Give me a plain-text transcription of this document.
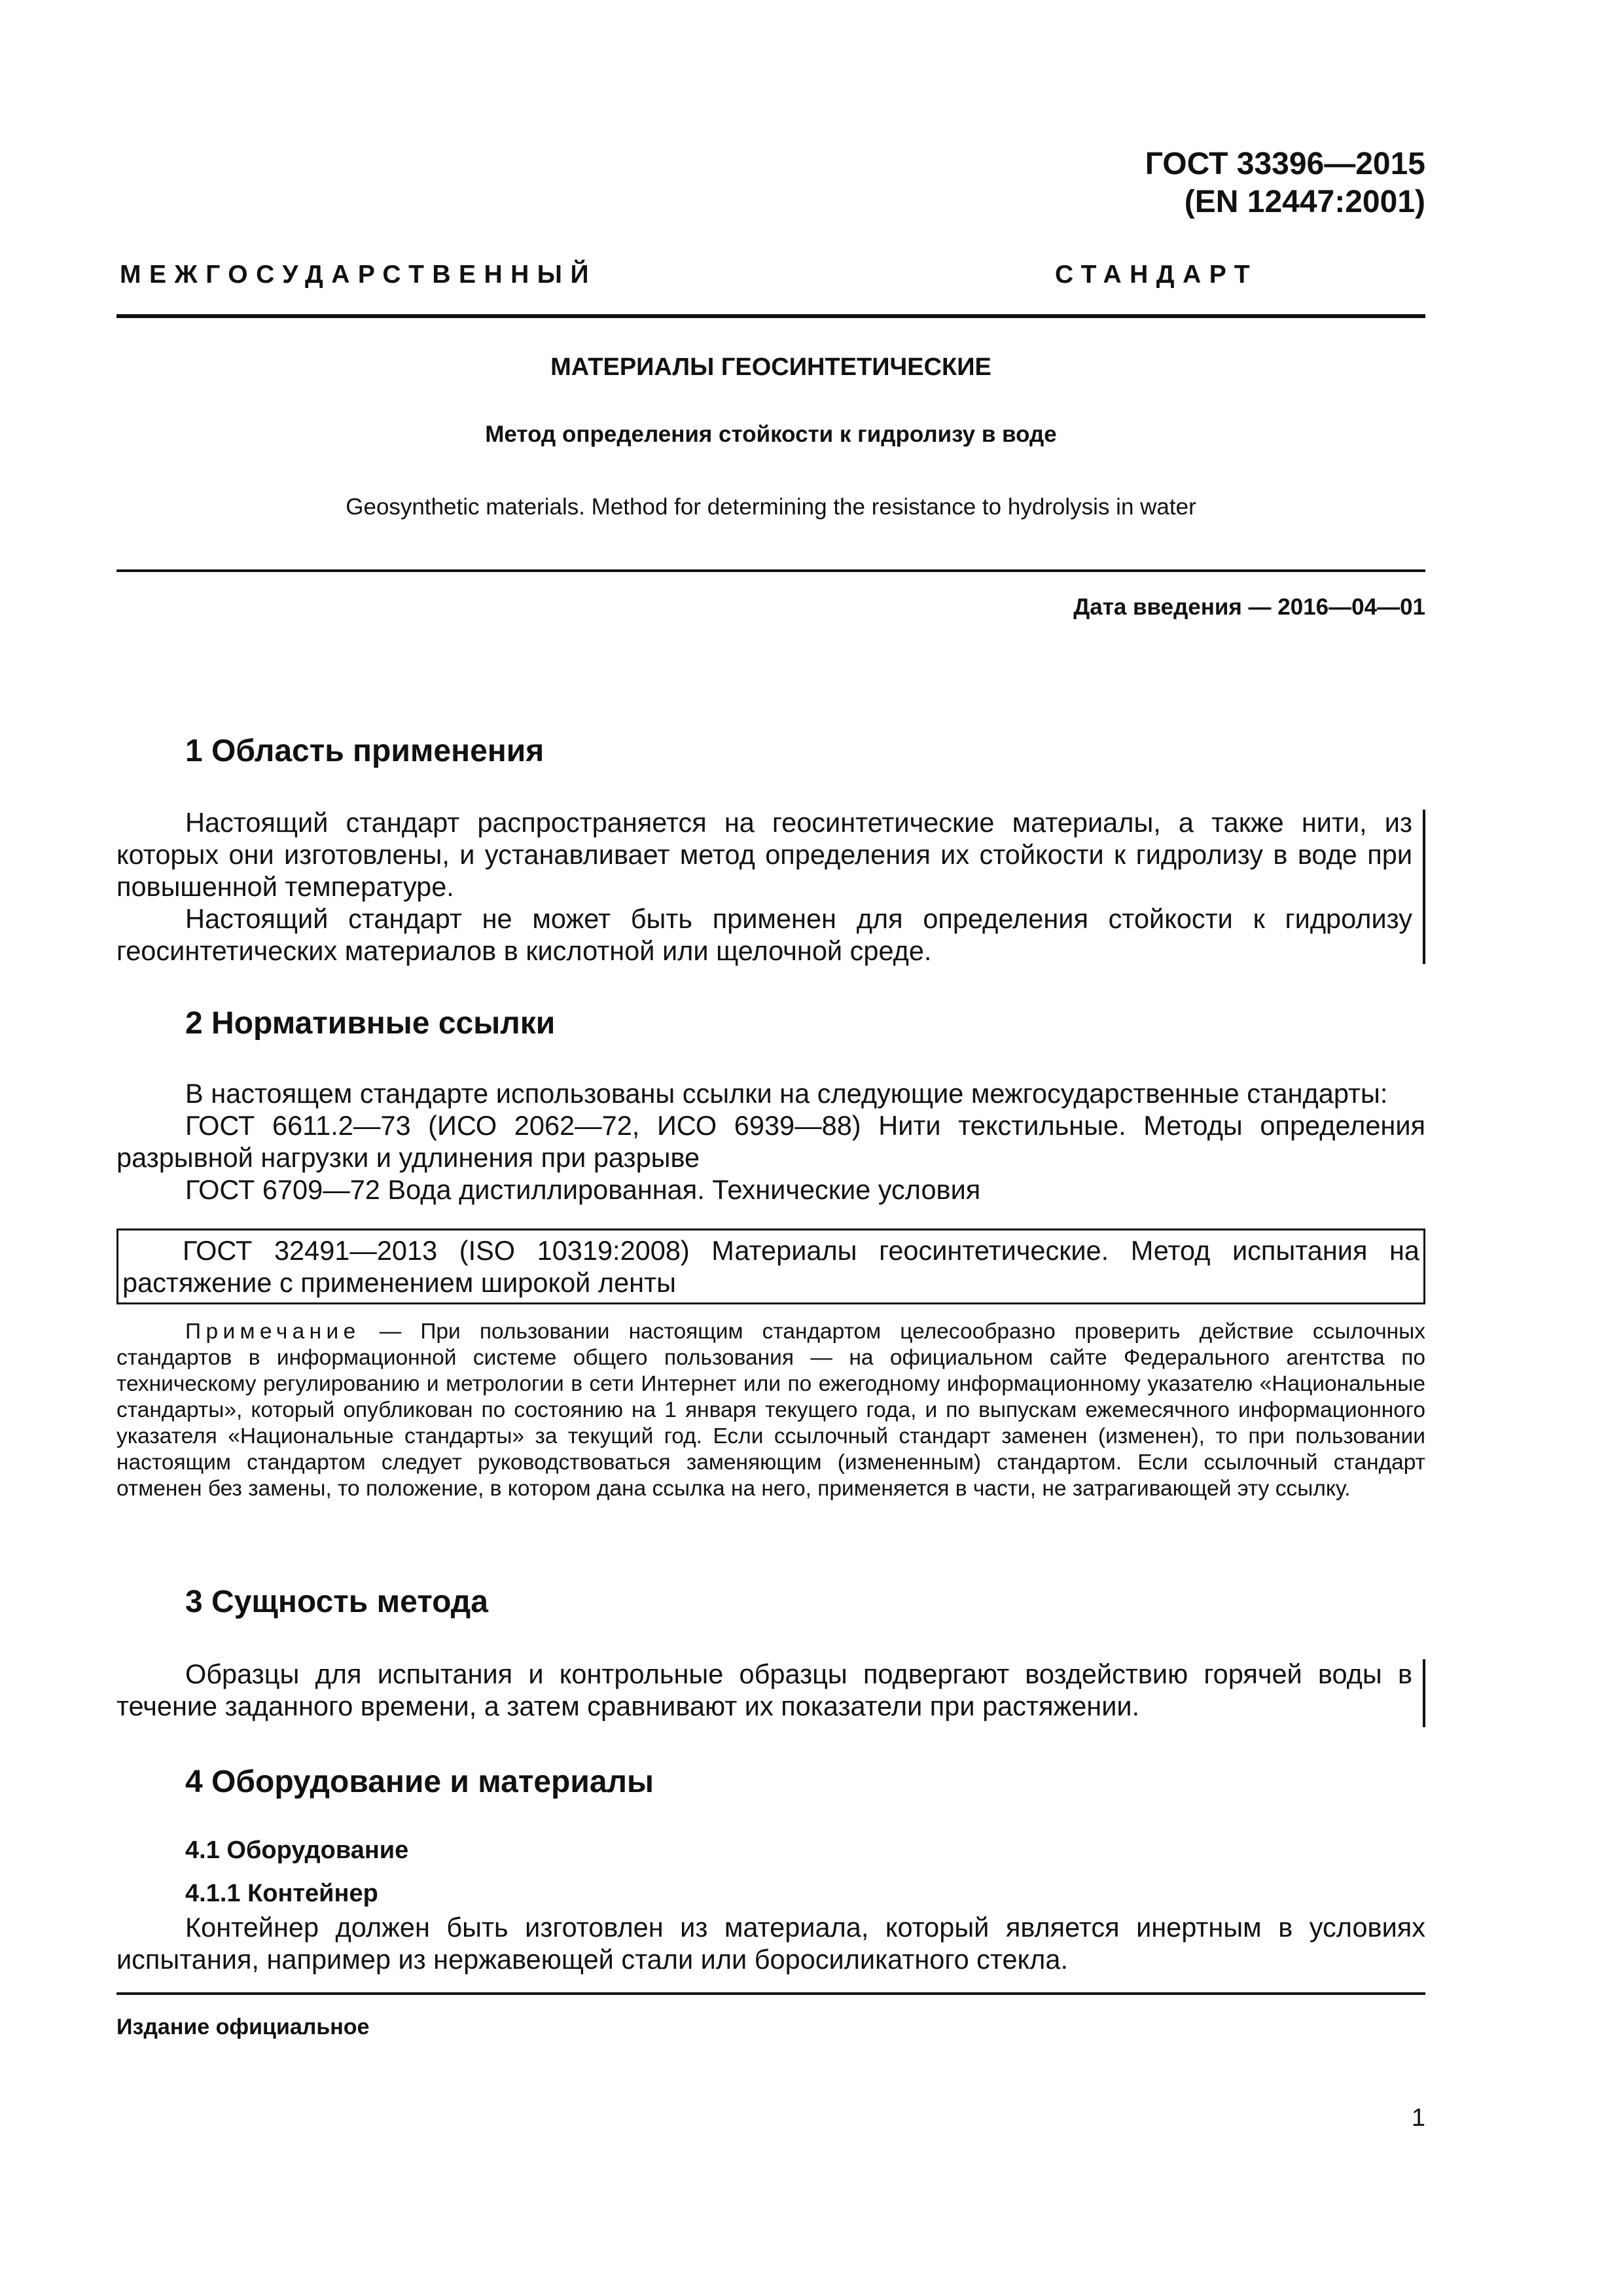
ГОСТ 33396—2015
(EN 12447:2001)
МЕЖГОСУДАРСТВЕННЫЙ	СТАНДАРТ
МАТЕРИАЛЫ ГЕОСИНТЕТИЧЕСКИЕ
Метод определения стойкости к гидролизу в воде
Geosynthetic materials. Method for determining the resistance to hydrolysis in water
Дата введения — 2016—04—01
1 Область применения

Настоящий стандарт распространяется на геосинтетические материалы, а также нити, из которых они изготовлены, и устанавливает метод определения их стойкости к гидролизу в воде при повышенной температуре.

Настоящий стандарт не может быть применен для определения стойкости к гидролизу геосинтетических материалов в кислотной или щелочной среде.

2 Нормативные ссылки

В настоящем стандарте использованы ссылки на следующие межгосударственные стандарты:

ГОСТ 6611.2—73 (ИСО 2062—72, ИСО 6939—88) Нити текстильные. Методы определения разрывной нагрузки и удлинения при разрыве

ГОСТ 6709—72 Вода дистиллированная. Технические условия

ГОСТ 32491—2013 (ISO 10319:2008) Материалы геосинтетические. Метод испытания на растяжение с применением широкой ленты

Примечание — При пользовании настоящим стандартом целесообразно проверить действие ссылочных стандартов в информационной системе общего пользования — на официальном сайте Федерального агентства по техническому регулированию и метрологии в сети Интернет или по ежегодному информационному указателю «Национальные стандарты», который опубликован по состоянию на 1 января текущего года, и по выпускам ежемесячного информационного указателя «Национальные стандарты» за текущий год. Если ссылочный стандарт заменен (изменен), то при пользовании настоящим стандартом следует руководствоваться заменяющим (измененным) стандартом. Если ссылочный стандарт отменен без замены, то положение, в котором дана ссылка на него, применяется в части, не затрагивающей эту ссылку.

3 Сущность метода

Образцы для испытания и контрольные образцы подвергают воздействию горячей воды в течение заданного времени, а затем сравнивают их показатели при растяжении.

4 Оборудование и материалы
4.1 Оборудование
4.1.1 Контейнер

Контейнер должен быть изготовлен из материала, который является инертным в условиях испытания, например из нержавеющей стали или боросиликатного стекла.

Издание официальное
1
